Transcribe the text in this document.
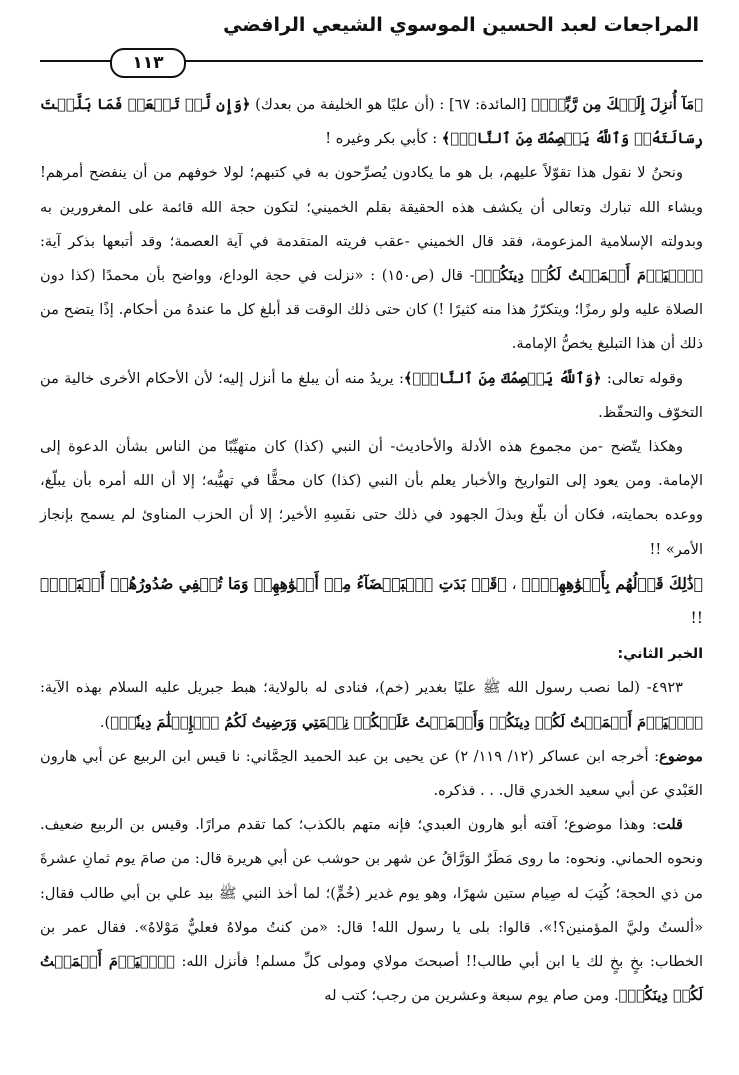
المراجعات لعبد الحسين الموسوي الشيعي الرافضي
١١٣

﴿مَآ أُنزِلَ إِلَيۡكَ مِن رَّبِّكَۖ﴾ [المائدة: ٦٧] : (أن عليًا هو الخليفة من بعدك) ﴿وَإِن لَّمۡ تَفۡعَلۡ فَمَا بَلَّغۡتَ رِسَالَتَهُۥۚ وَٱللَّهُ يَعۡصِمُكَ مِنَ ٱلنَّاسِۗ﴾ : كأبي بكر وغيره !

ونحنُ لا نقول هذا تقوّلاً عليهم، بل هو ما يكادون يُصرِّحون به في كتبهم؛ لولا خوفهم من أن ينفضح أمرهم! ويشاء الله تبارك وتعالى أن يكشف هذه الحقيقة بقلم الخميني؛ لتكون حجة الله قائمة على المغرورين به وبدولته الإسلامية المزعومة، فقد قال الخميني -عقب فريته المتقدمة في آية العصمة؛ وقد أتبعها بذكر آية: ﴿ٱلۡيَوۡمَ أَكۡمَلۡتُ لَكُمۡ دِينَكُمۡ﴾- قال (ص١٥٠) : «نزلت في حجة الوداع، وواضح بأن محمدًا (كذا دون الصلاة عليه ولو رمزًا؛ ويتكرّرُ هذا منه كثيرًا !) كان حتى ذلك الوقت قد أبلغ كل ما عندهُ من أحكام. إذًا يتضح من ذلك أن هذا التبليغ يخصُّ الإمامة.

وقوله تعالى: ﴿وَٱللَّهُ يَعۡصِمُكَ مِنَ ٱلنَّاسِۗ﴾: يريدُ منه أن يبلغ ما أنزل إليه؛ لأن الأحكام الأخرى خالية من التخوّف والتحفّظ.

وهكذا يتّضح -من مجموع هذه الأدلة والأحاديث- أن النبي (كذا) كان متهيِّبًا من الناس بشأن الدعوة إلى الإمامة. ومن يعود إلى التواريخ والأخبار يعلم بأن النبي (كذا) كان محقًّا في تهيُّبه؛ إلا أن الله أمره بأن يبلّغ، ووعده بحمايته، فكان أن بلّغ وبذلَ الجهود في ذلك حتى نفَسِهِ الأخير؛ إلا أن الحزب المناوئ لم يسمح بإنجاز الأمر» !!

﴿ذَٰلِكَ قَوۡلُهُم بِأَفۡوَٰهِهِمۡۖ﴾ ، ﴿قَدۡ بَدَتِ ٱلۡبَغۡضَآءُ مِنۡ أَفۡوَٰهِهِمۡ وَمَا تُخۡفِي صُدُورُهُمۡ أَكۡبَرُۚ﴾ !!

الخبر الثاني:

٤٩٢٣- (لما نصب رسول الله ﷺ عليًا بغدير (خم)، فنادى له بالولاية؛ هبط جبريل عليه السلام بهذه الآية: ﴿ٱلۡيَوۡمَ أَكۡمَلۡتُ لَكُمۡ دِينَكُمۡ وَأَتۡمَمۡتُ عَلَيۡكُمۡ نِعۡمَتِي وَرَضِيتُ لَكُمُ ٱلۡإِسۡلَٰمَ دِينٗاۚ﴾).

موضوع: أخرجه ابن عساكر (١٢/ ١١٩/ ٢) عن يحيى بن عبد الحميد الحِمَّاني: نا قيس ابن الربيع عن أبي هارون العَبْدي عن أبي سعيد الخدري قال. . . فذكره.

قلت: وهذا موضوع؛ آفته أبو هارون العبدي؛ فإنه متهم بالكذب؛ كما تقدم مرارًا. وقيس بن الربيع ضعيف. ونحوه الحماني. ونحوه: ما روى مَطَرٌ الوَرَّاقُ عن شهر بن حوشب عن أبي هريرة قال: من صامَ يوم ثمانِ عشرةَ من ذي الحجة؛ كُتِبَ له صِيام ستين شهرًا، وهو يوم غدير (خُمٍّ)؛ لما أخذ النبي ﷺ بيد علي بن أبي طالب فقال: «ألستُ وليَّ المؤمنين؟!». قالوا: بلى يا رسول الله! قال: «من كنتُ مولاهُ فعليٌّ مَوْلاهُ». فقال عمر بن الخطاب: بخٍ بخٍ لك يا ابن أبي طالب!! أصبحتَ مولاي ومولى كلِّ مسلم! فأنزل الله: ﴿ٱلۡيَوۡمَ أَكۡمَلۡتُ لَكُمۡ دِينَكُمۡ﴾. ومن صام يوم سبعة وعشرين من رجب؛ كتب له
